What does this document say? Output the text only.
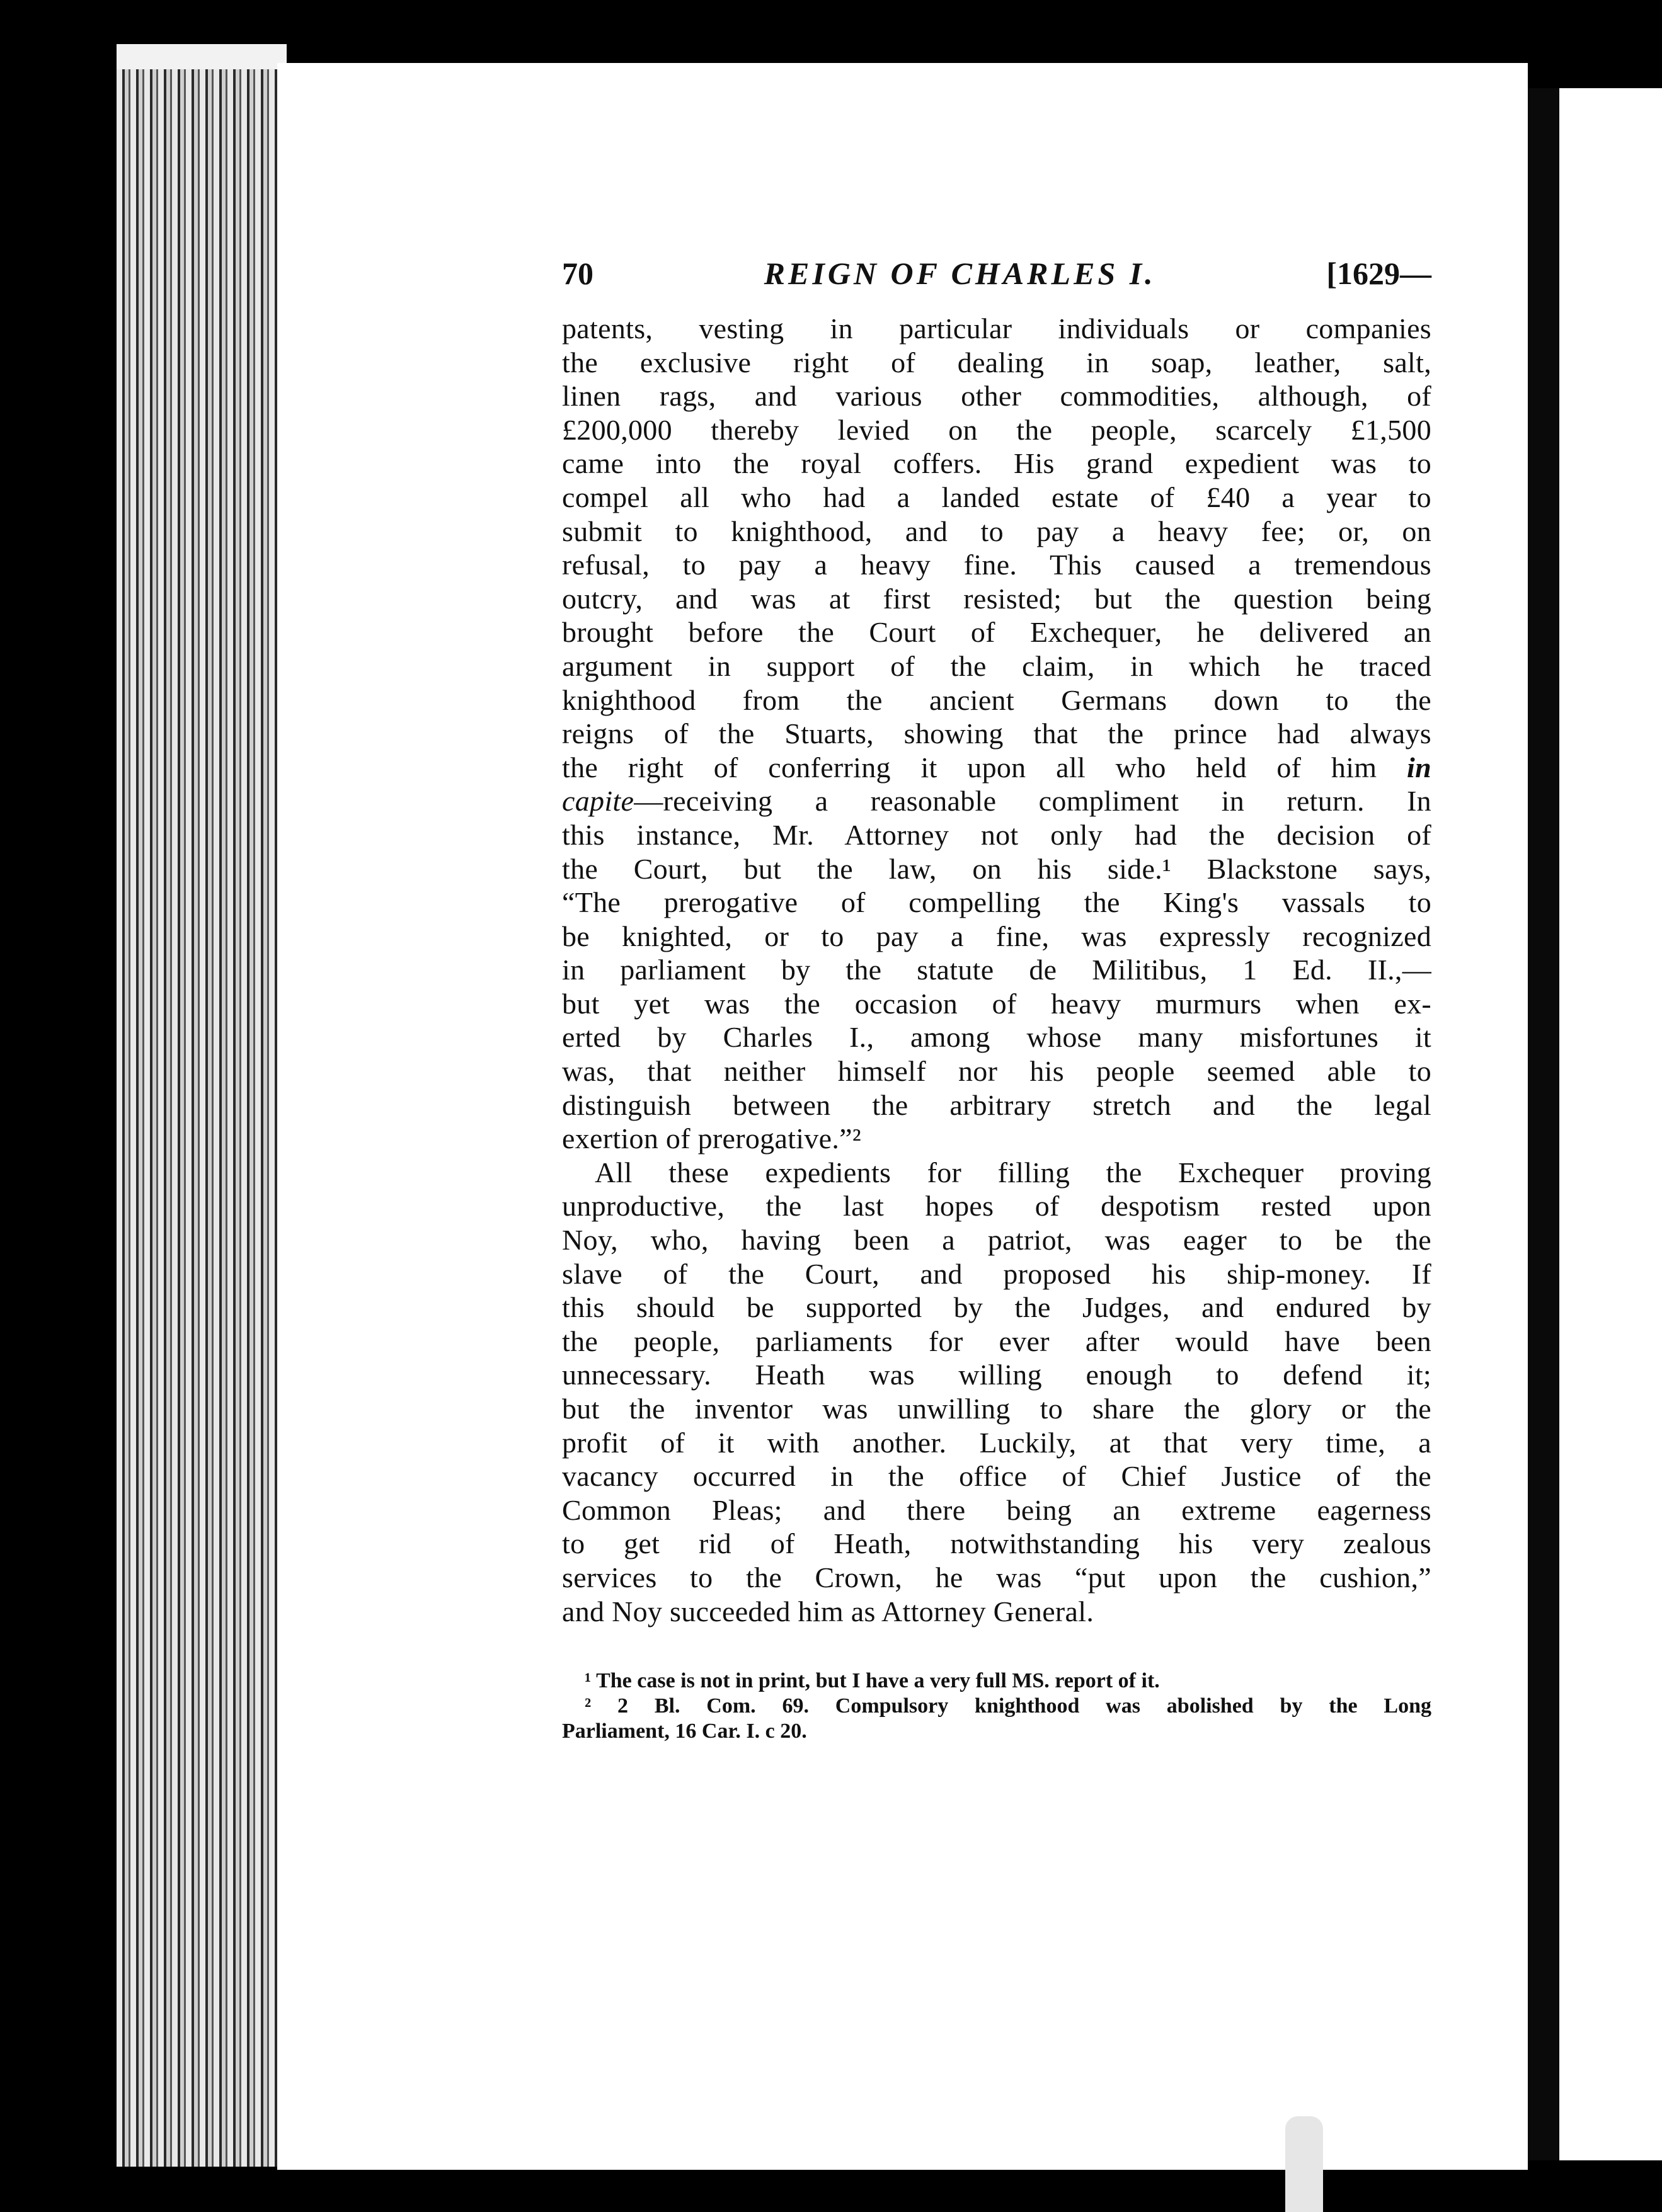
70	REIGN OF CHARLES I.	[1629—
patents, vesting in particular individuals or companies
the exclusive right of dealing in soap, leather, salt,
linen rags, and various other commodities, although, of
£200,000 thereby levied on the people, scarcely £1,500
came into the royal coffers. His grand expedient was to
compel all who had a landed estate of £40 a year to
submit to knighthood, and to pay a heavy fee; or, on
refusal, to pay a heavy fine. This caused a tremendous
outcry, and was at first resisted; but the question being
brought before the Court of Exchequer, he delivered an
argument in support of the claim, in which he traced
knighthood from the ancient Germans down to the
reigns of the Stuarts, showing that the prince had always
the right of conferring it upon all who held of him in
capite—receiving a reasonable compliment in return. In
this instance, Mr. Attorney not only had the decision of
the Court, but the law, on his side.¹ Blackstone says,
“The prerogative of compelling the King's vassals to
be knighted, or to pay a fine, was expressly recognized
in parliament by the statute de Militibus, 1 Ed. II.,—
but yet was the occasion of heavy murmurs when ex-
erted by Charles I., among whose many misfortunes it
was, that neither himself nor his people seemed able to
distinguish between the arbitrary stretch and the legal
exertion of prerogative.”²
All these expedients for filling the Exchequer proving
unproductive, the last hopes of despotism rested upon
Noy, who, having been a patriot, was eager to be the
slave of the Court, and proposed his ship-money. If
this should be supported by the Judges, and endured by
the people, parliaments for ever after would have been
unnecessary. Heath was willing enough to defend it;
but the inventor was unwilling to share the glory or the
profit of it with another. Luckily, at that very time, a
vacancy occurred in the office of Chief Justice of the
Common Pleas; and there being an extreme eagerness
to get rid of Heath, notwithstanding his very zealous
services to the Crown, he was “put upon the cushion,”
and Noy succeeded him as Attorney General.
¹ The case is not in print, but I have a very full MS. report of it.
² 2 Bl. Com. 69. Compulsory knighthood was abolished by the Long
Parliament, 16 Car. I. c 20.
